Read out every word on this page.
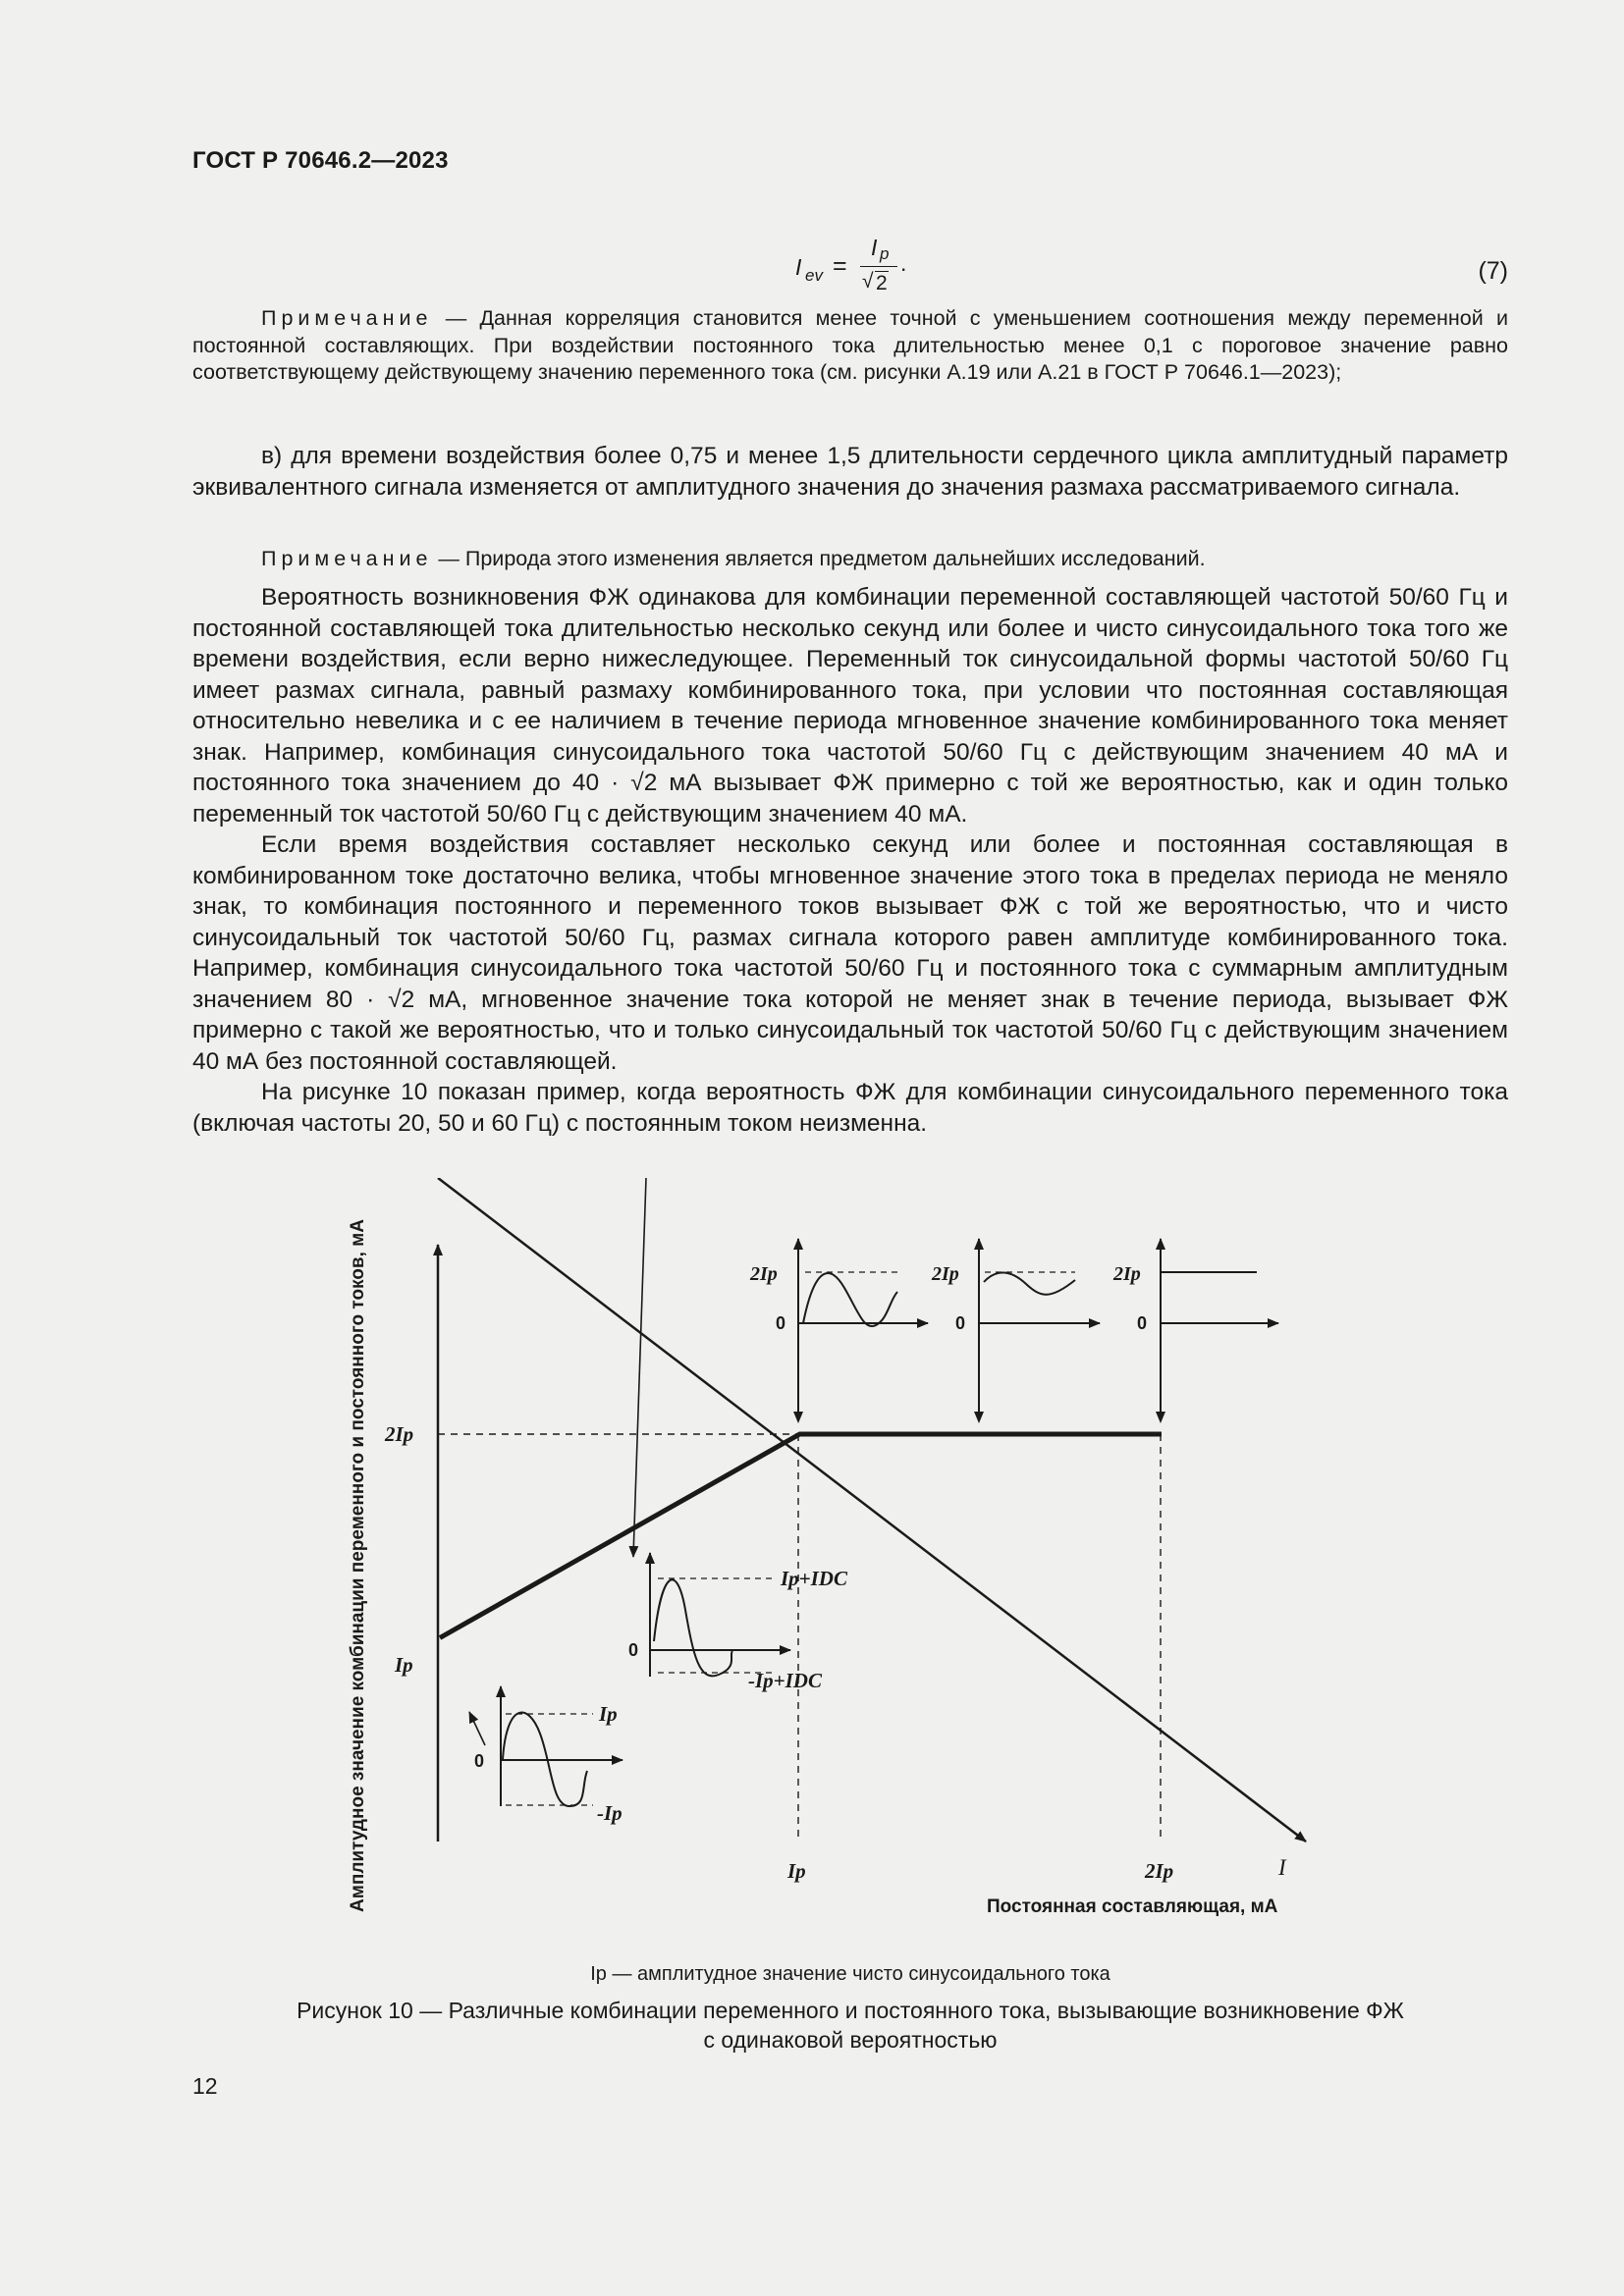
ГОСТ Р 70646.2—2023
I ev =
I p
√ 2
.	(7)

Примечание — Данная корреляция становится менее точной с уменьшением соотношения между переменной и постоянной составляющих. При воздействии постоянного тока длительностью менее 0,1 с пороговое значение равно соответствующему действующему значению переменного тока (см. рисунки А.19 или А.21 в ГОСТ Р 70646.1—2023);

в) для времени воздействия более 0,75 и менее 1,5 длительности сердечного цикла амплитудный параметр эквивалентного сигнала изменяется от амплитудного значения до значения размаха рассматриваемого сигнала.

Примечание — Природа этого изменения является предметом дальнейших исследований.

Вероятность возникновения ФЖ одинакова для комбинации переменной составляющей частотой 50/60 Гц и постоянной составляющей тока длительностью несколько секунд или более и чисто синусоидального тока того же времени воздействия, если верно нижеследующее. Переменный ток синусоидальной формы частотой 50/60 Гц имеет размах сигнала, равный размаху комбинированного тока, при условии что постоянная составляющая относительно невелика и с ее наличием в течение периода мгновенное значение комбинированного тока меняет знак. Например, комбинация синусоидального тока частотой 50/60 Гц с действующим значением 40 мА и постоянного тока значением до 40 · √2 мА вызывает ФЖ примерно с той же вероятностью, как и один только переменный ток частотой 50/60 Гц с действующим значением 40 мА.

Если время воздействия составляет несколько секунд или более и постоянная составляющая в комбинированном токе достаточно велика, чтобы мгновенное значение этого тока в пределах периода не меняло знак, то комбинация постоянного и переменного токов вызывает ФЖ с той же вероятностью, что и чисто синусоидальный ток частотой 50/60 Гц, размах сигнала которого равен амплитуде комбинированного тока. Например, комбинация синусоидального тока частотой 50/60 Гц и постоянного тока с суммарным амплитудным значением 80 · √2 мА, мгновенное значение тока которой не меняет знак в течение периода, вызывает ФЖ примерно с такой же вероятностью, что и только синусоидальный ток частотой 50/60 Гц с действующим значением 40 мА без постоянной составляющей.

На рисунке 10 показан пример, когда вероятность ФЖ для комбинации синусоидального переменного тока (включая частоты 20, 50 и 60 Гц) с постоянным током неизменна.

Амплитудное значение комбинации переменного и постоянного токов, мА 2Ip
Ip
Ip	2Ip	I
Постоянная составляющая, мА
2Ip
0
2Ip
0
2Ip
0
Ip+IDC
0
-Ip+IDC
Ip
0
-Ip
Ip — амплитудное значение чисто синусоидального тока
Рисунок 10 — Различные комбинации переменного и постоянного тока, вызывающие возникновение ФЖ
с одинаковой вероятностью
12
